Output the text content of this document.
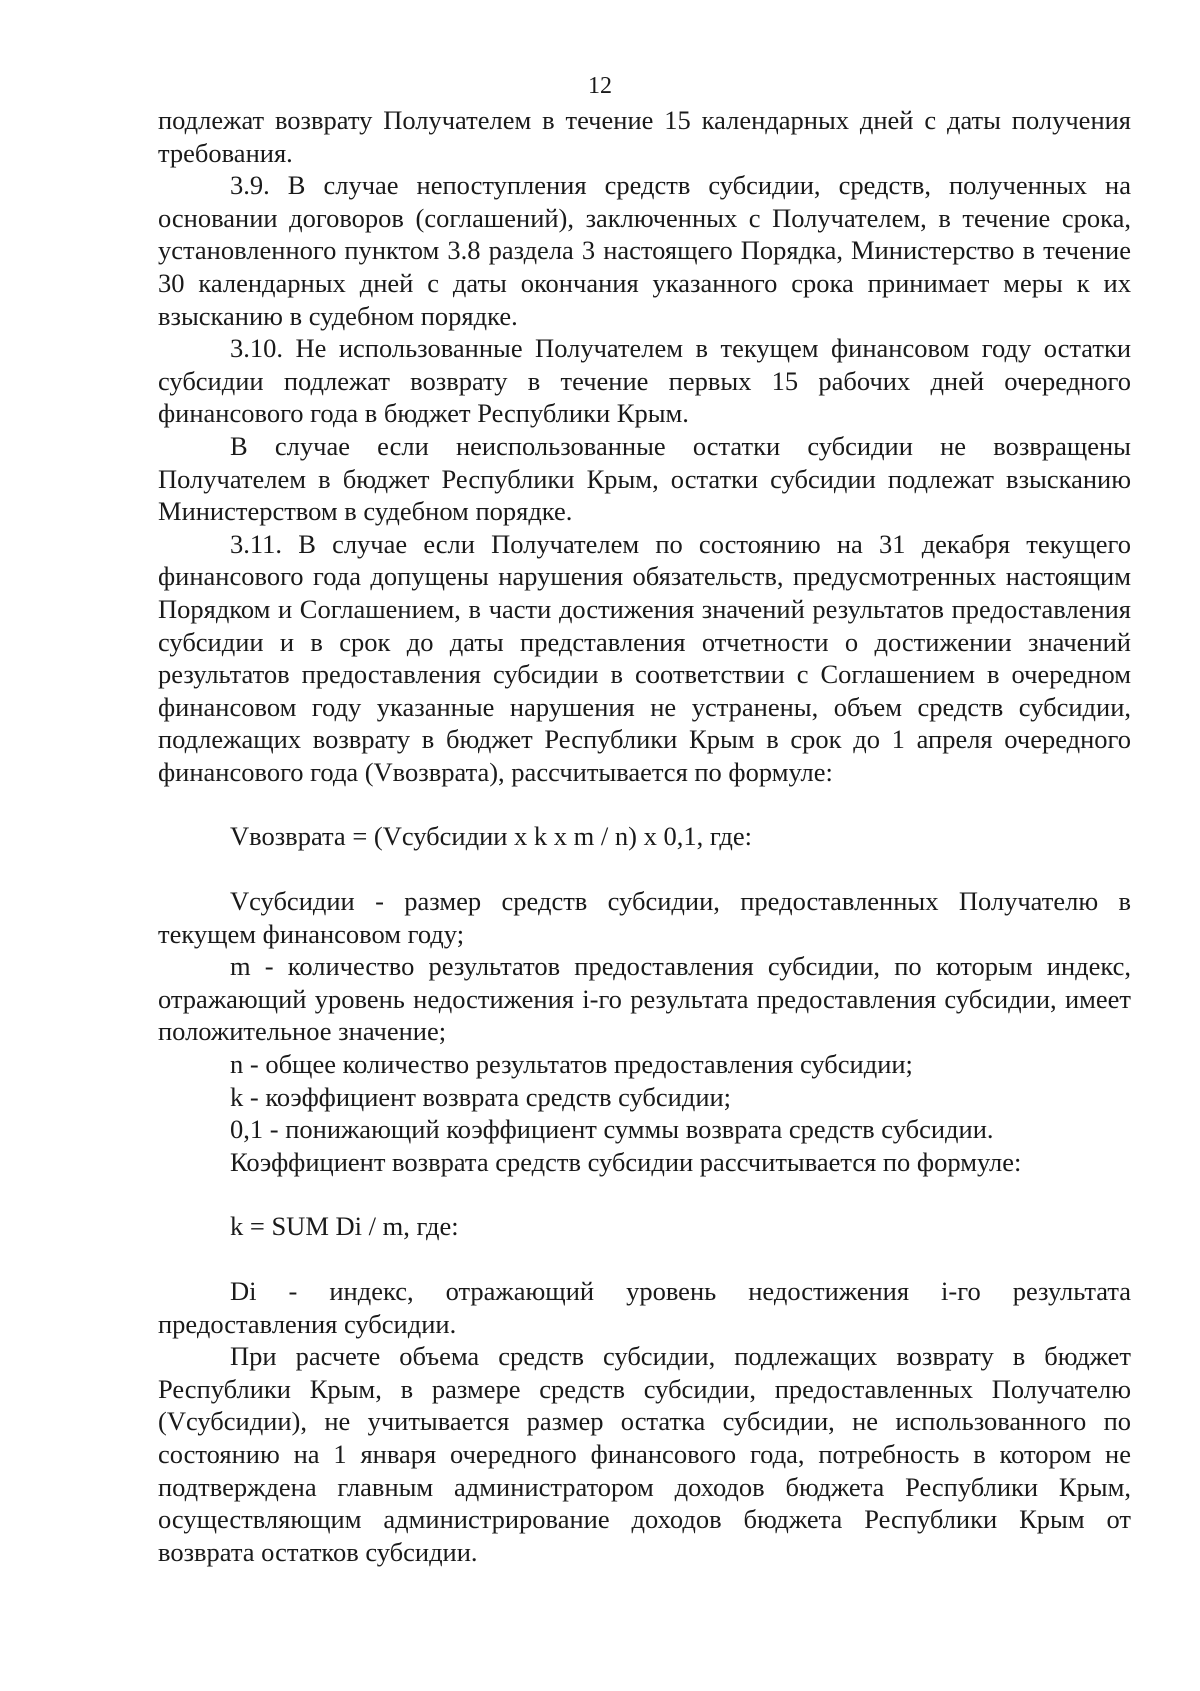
12

подлежат возврату Получателем в течение 15 календарных дней с даты получения требования.

3.9. В случае непоступления средств субсидии, средств, полученных на основании договоров (соглашений), заключенных с Получателем, в течение срока, установленного пунктом 3.8 раздела 3 настоящего Порядка, Министерство в течение 30 календарных дней с даты окончания указанного срока принимает меры к их взысканию в судебном порядке.

3.10. Не использованные Получателем в текущем финансовом году остатки субсидии подлежат возврату в течение первых 15 рабочих дней очередного финансового года в бюджет Республики Крым.

В случае если неиспользованные остатки субсидии не возвращены Получателем в бюджет Республики Крым, остатки субсидии подлежат взысканию Министерством в судебном порядке.

3.11. В случае если Получателем по состоянию на 31 декабря текущего финансового года допущены нарушения обязательств, предусмотренных настоящим Порядком и Соглашением, в части достижения значений результатов предоставления субсидии и в срок до даты представления отчетности о достижении значений результатов предоставления субсидии в соответствии с Соглашением в очередном финансовом году указанные нарушения не устранены, объем средств субсидии, подлежащих возврату в бюджет Республики Крым в срок до 1 апреля очередного финансового года (Vвозврата), рассчитывается по формуле:

Vвозврата = (Vсубсидии x k x m / n) x 0,1, где:

Vсубсидии - размер средств субсидии, предоставленных Получателю в текущем финансовом году;

m - количество результатов предоставления субсидии, по которым индекс, отражающий уровень недостижения i-го результата предоставления субсидии, имеет положительное значение;

n - общее количество результатов предоставления субсидии;

k - коэффициент возврата средств субсидии;

0,1 - понижающий коэффициент суммы возврата средств субсидии.

Коэффициент возврата средств субсидии рассчитывается по формуле:

k = SUM Di / m, где:

Di - индекс, отражающий уровень недостижения i-го результата предоставления субсидии.

При расчете объема средств субсидии, подлежащих возврату в бюджет Республики Крым, в размере средств субсидии, предоставленных Получателю (Vсубсидии), не учитывается размер остатка субсидии, не использованного по состоянию на 1 января очередного финансового года, потребность в котором не подтверждена главным администратором доходов бюджета Республики Крым, осуществляющим администрирование доходов бюджета Республики Крым от возврата остатков субсидии.
